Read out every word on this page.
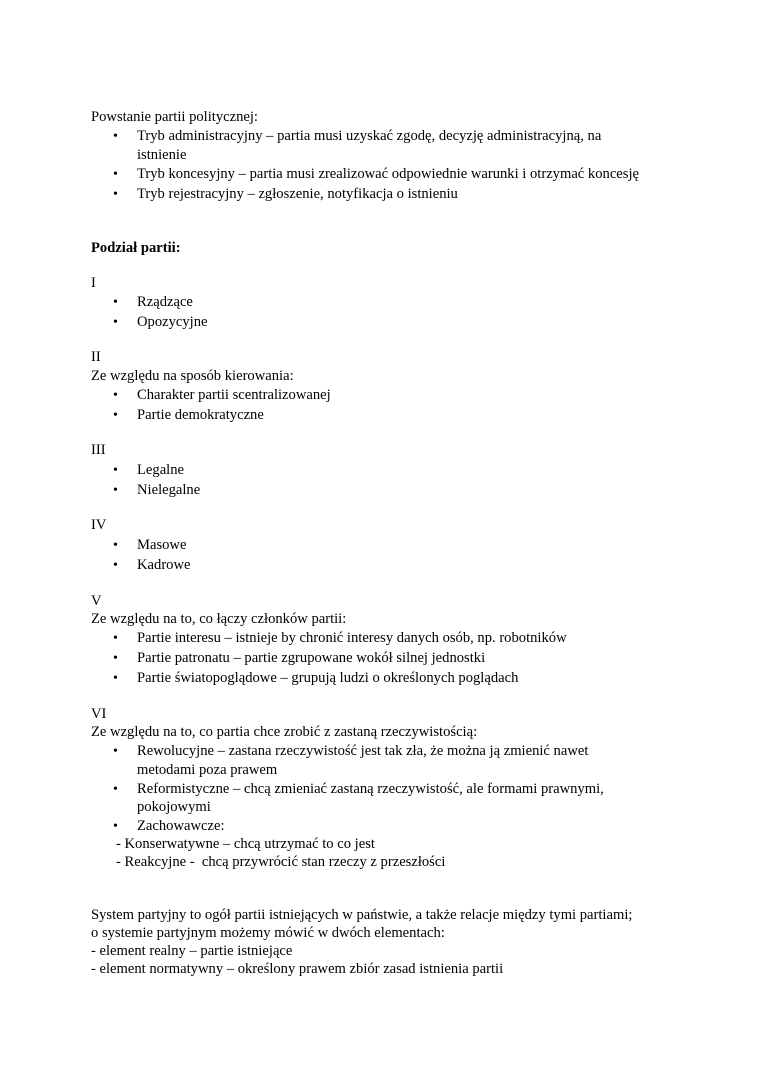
Powstanie partii politycznej:
• Tryb administracyjny – partia musi uzyskać zgodę, decyzję administracyjną, na
istnienie
• Tryb koncesyjny – partia musi zrealizować odpowiednie warunki i otrzymać koncesję
• Tryb rejestracyjny – zgłoszenie, notyfikacja o istnieniu
Podział partii:
I
• Rządzące
• Opozycyjne
II
Ze względu na sposób kierowania:
• Charakter partii scentralizowanej
• Partie demokratyczne
III
• Legalne
• Nielegalne
IV
• Masowe
• Kadrowe
V
Ze względu na to, co łączy członków partii:
• Partie interesu – istnieje by chronić interesy danych osób, np. robotników
• Partie patronatu – partie zgrupowane wokół silnej jednostki
• Partie światopoglądowe – grupują ludzi o określonych poglądach
VI
Ze względu na to, co partia chce zrobić z zastaną rzeczywistością:
• Rewolucyjne – zastana rzeczywistość jest tak zła, że można ją zmienić nawet
metodami poza prawem
• Reformistyczne – chcą zmieniać zastaną rzeczywistość, ale formami prawnymi,
pokojowymi
• Zachowawcze:
- Konserwatywne – chcą utrzymać to co jest
- Reakcyjne -  chcą przywrócić stan rzeczy z przeszłości
System partyjny to ogół partii istniejących w państwie, a także relacje między tymi partiami;
o systemie partyjnym możemy mówić w dwóch elementach:
- element realny – partie istniejące
- element normatywny – określony prawem zbiór zasad istnienia partii
